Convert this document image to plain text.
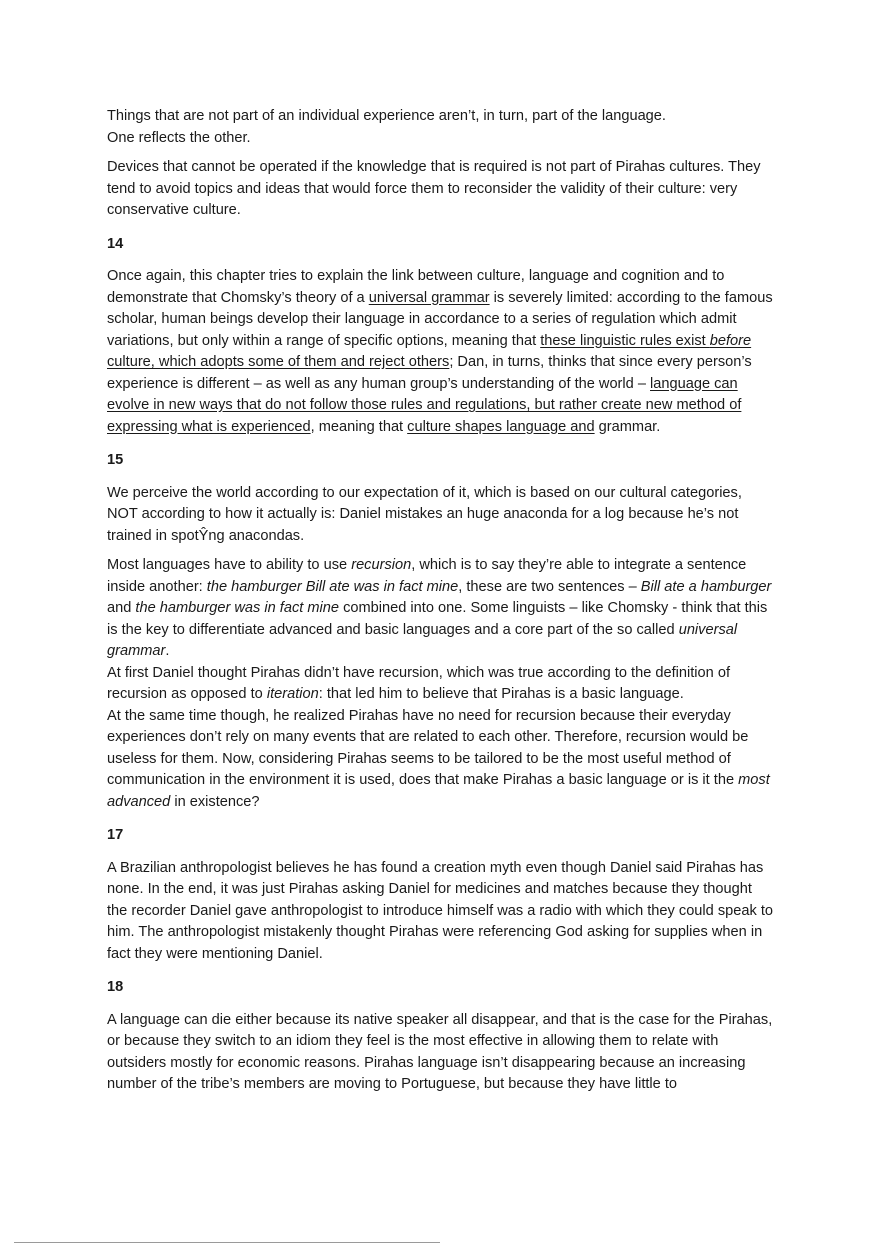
Things that are not part of an individual experience aren’t, in turn, part of the language.
One reflects the other.

Devices that cannot be operated if the knowledge that is required is not part of Pirahas cultures. They tend to avoid topics and ideas that would force them to reconsider the validity of their culture: very conservative culture.

14

Once again, this chapter tries to explain the link between culture, language and cognition and to demonstrate that Chomsky’s theory of a universal grammar is severely limited: according to the famous scholar, human beings develop their language in accordance to a series of regulation which admit variations, but only within a range of specific options, meaning that these linguistic rules exist before culture, which adopts some of them and reject others; Dan, in turns, thinks that since every person’s experience is different – as well as any human group’s understanding of the world – language can evolve in new ways that do not follow those rules and regulations, but rather create new method of expressing what is experienced, meaning that culture shapes language and grammar.

15

We perceive the world according to our expectation of it, which is based on our cultural categories, NOT according to how it actually is: Daniel mistakes an huge anaconda for a log because he’s not trained in spotŶng anacondas.

Most languages have to ability to use recursion, which is to say they’re able to integrate a sentence inside another: the hamburger Bill ate was in fact mine, these are two sentences – Bill ate a hamburger and the hamburger was in fact mine combined into one. Some linguists – like Chomsky - think that this is the key to differentiate advanced and basic languages and a core part of the so called universal grammar.
At first Daniel thought Pirahas didn’t have recursion, which was true according to the definition of recursion as opposed to iteration: that led him to believe that Pirahas is a basic language.
At the same time though, he realized Pirahas have no need for recursion because their everyday experiences don’t rely on many events that are related to each other. Therefore, recursion would be useless for them. Now, considering Pirahas seems to be tailored to be the most useful method of communication in the environment it is used, does that make Pirahas a basic language or is it the most advanced in existence?

17

A Brazilian anthropologist believes he has found a creation myth even though Daniel said Pirahas has none. In the end, it was just Pirahas asking Daniel for medicines and matches because they thought the recorder Daniel gave anthropologist to introduce himself was a radio with which they could speak to him. The anthropologist mistakenly thought Pirahas were referencing God asking for supplies when in fact they were mentioning Daniel.

18

A language can die either because its native speaker all disappear, and that is the case for the Pirahas, or because they switch to an idiom they feel is the most effective in allowing them to relate with outsiders mostly for economic reasons. Pirahas language isn’t disappearing because an increasing number of the tribe’s members are moving to Portuguese, but because they have little to
